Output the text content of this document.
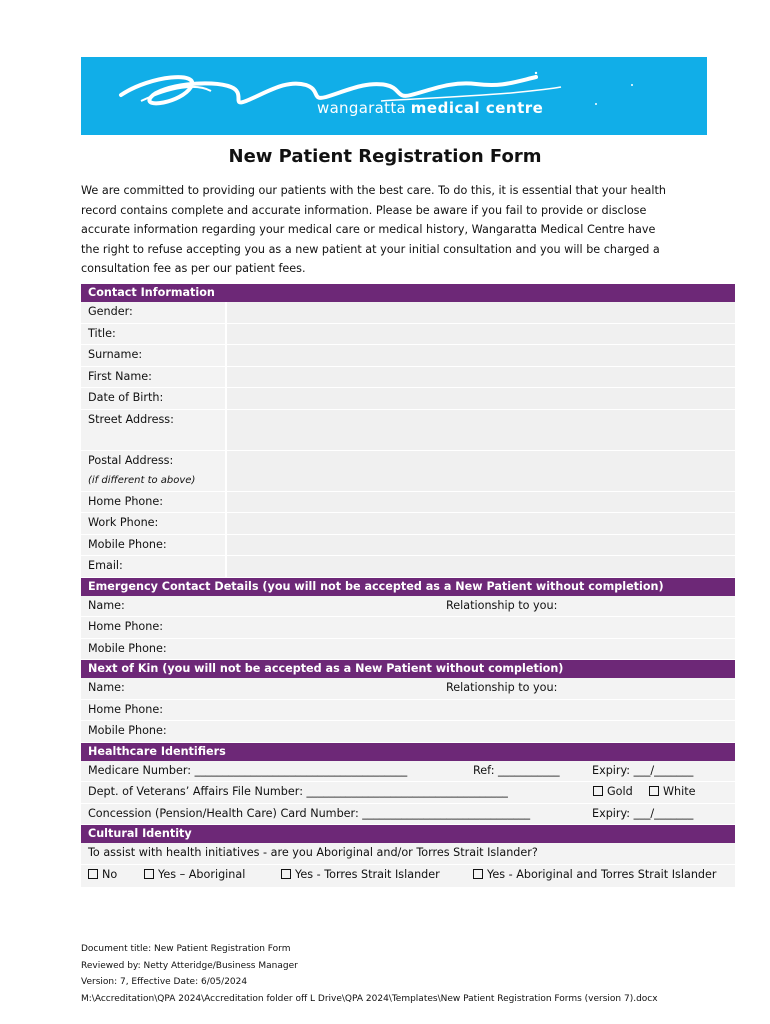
wangaratta medical centre
New Patient Registration Form
We are committed to providing our patients with the best care. To do this, it is essential that your health
record contains complete and accurate information. Please be aware if you fail to provide or disclose
accurate information regarding your medical care or medical history, Wangaratta Medical Centre have
the right to refuse accepting you as a new patient at your initial consultation and you will be charged a
consultation fee as per our patient fees.
Contact Information
Gender:
Title:
Surname:
First Name:
Date of Birth:
Street Address:
Postal Address:
(if different to above)
Home Phone:
Work Phone:
Mobile Phone:
Email:
Emergency Contact Details (you will not be accepted as a New Patient without completion)
Name:	Relationship to you:
Home Phone:
Mobile Phone:
Next of Kin (you will not be accepted as a New Patient without completion)
Name:	Relationship to you:
Home Phone:
Mobile Phone:
Healthcare Identifiers
Medicare Number: ______________________________________	Ref: ___________	Expiry: ___/_______
Dept. of Veterans’ Affairs File Number: ____________________________________	Gold	White
Concession (Pension/Health Care) Card Number: ______________________________	Expiry: ___/_______
Cultural Identity
To assist with health initiatives - are you Aboriginal and/or Torres Strait Islander?
No	Yes – Aboriginal	Yes - Torres Strait Islander	Yes - Aboriginal and Torres Strait Islander
Document title: New Patient Registration Form
Reviewed by: Netty Atteridge/Business Manager
Version: 7, Effective Date: 6/05/2024
M:\Accreditation\QPA 2024\Accreditation folder off L Drive\QPA 2024\Templates\New Patient Registration Forms (version 7).docx
